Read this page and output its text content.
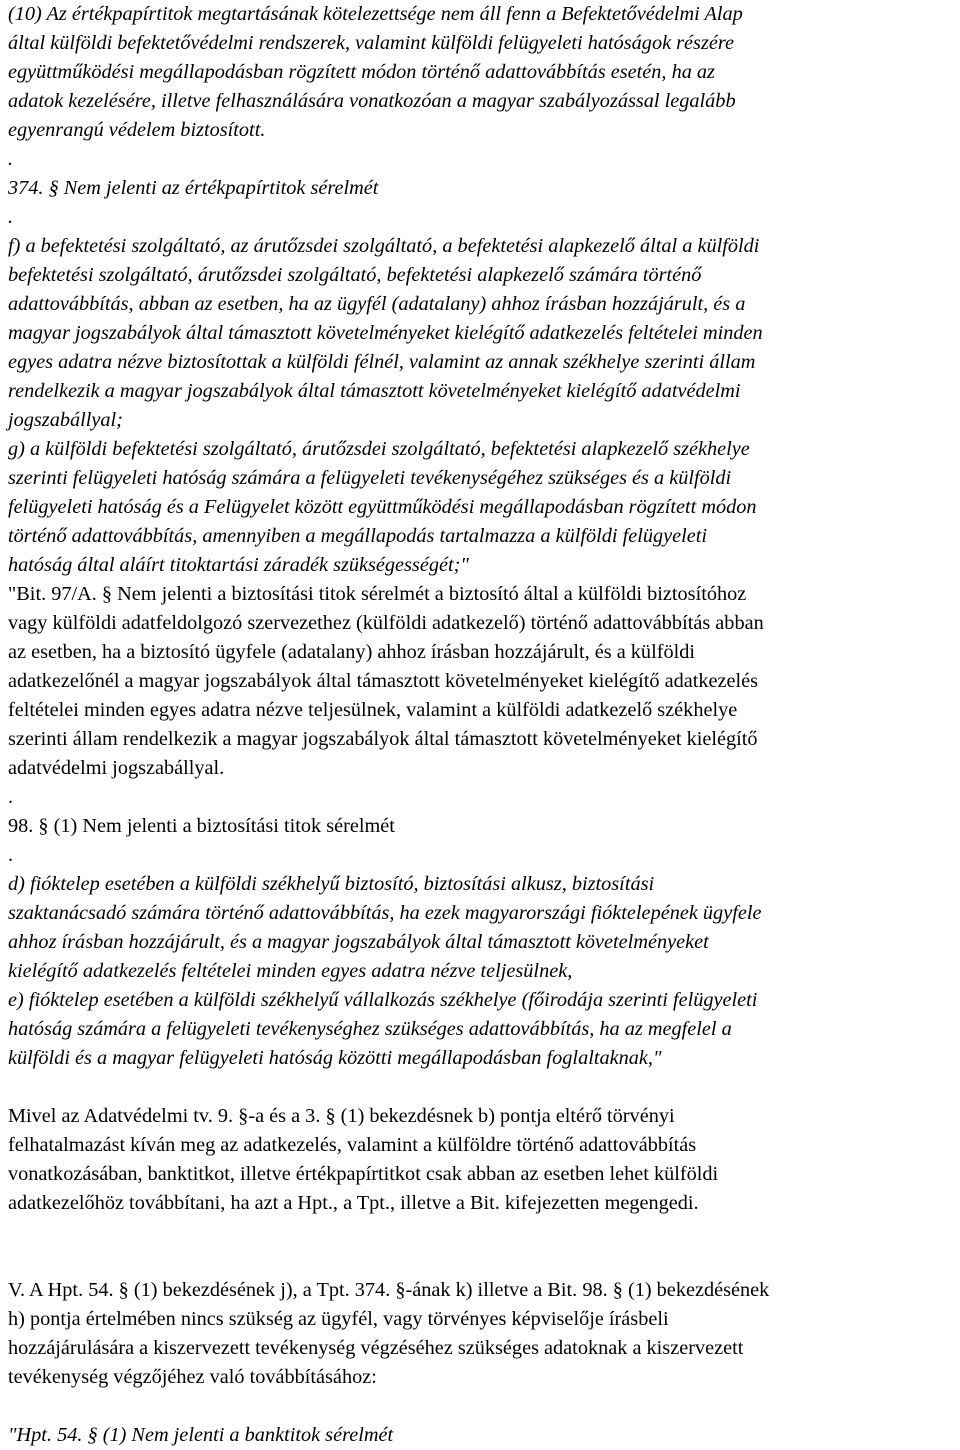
(10) Az értékpapírtitok megtartásának kötelezettsége nem áll fenn a Befektetővédelmi Alap
által külföldi befektetővédelmi rendszerek, valamint külföldi felügyeleti hatóságok részére
együttműködési megállapodásban rögzített módon történő adattovábbítás esetén, ha az
adatok kezelésére, illetve felhasználására vonatkozóan a magyar szabályozással legalább
egyenrangú védelem biztosított.
.
374. § Nem jelenti az értékpapírtitok sérelmét
.
f) a befektetési szolgáltató, az árutőzsdei szolgáltató, a befektetési alapkezelő által a külföldi
befektetési szolgáltató, árutőzsdei szolgáltató, befektetési alapkezelő számára történő
adattovábbítás, abban az esetben, ha az ügyfél (adatalany) ahhoz írásban hozzájárult, és a
magyar jogszabályok által támasztott követelményeket kielégítő adatkezelés feltételei minden
egyes adatra nézve biztosítottak a külföldi félnél, valamint az annak székhelye szerinti állam
rendelkezik a magyar jogszabályok által támasztott követelményeket kielégítő adatvédelmi
jogszabállyal;
g) a külföldi befektetési szolgáltató, árutőzsdei szolgáltató, befektetési alapkezelő székhelye
szerinti felügyeleti hatóság számára a felügyeleti tevékenységéhez szükséges és a külföldi
felügyeleti hatóság és a Felügyelet között együttműködési megállapodásban rögzített módon
történő adattovábbítás, amennyiben a megállapodás tartalmazza a külföldi felügyeleti
hatóság által aláírt titoktartási záradék szükségességét;"

"Bit. 97/A. § Nem jelenti a biztosítási titok sérelmét a biztosító által a külföldi biztosítóhoz
vagy külföldi adatfeldolgozó szervezethez (külföldi adatkezelő) történő adattovábbítás abban
az esetben, ha a biztosító ügyfele (adatalany) ahhoz írásban hozzájárult, és a külföldi
adatkezelőnél a magyar jogszabályok által támasztott követelményeket kielégítő adatkezelés
feltételei minden egyes adatra nézve teljesülnek, valamint a külföldi adatkezelő székhelye
szerinti állam rendelkezik a magyar jogszabályok által támasztott követelményeket kielégítő
adatvédelmi jogszabállyal.
.
98. § (1) Nem jelenti a biztosítási titok sérelmét
.

d) fióktelep esetében a külföldi székhelyű biztosító, biztosítási alkusz, biztosítási
szaktanácsadó számára történő adattovábbítás, ha ezek magyarországi fióktelepének ügyfele
ahhoz írásban hozzájárult, és a magyar jogszabályok által támasztott követelményeket
kielégítő adatkezelés feltételei minden egyes adatra nézve teljesülnek,
e) fióktelep esetében a külföldi székhelyű vállalkozás székhelye (főirodája szerinti felügyeleti
hatóság számára a felügyeleti tevékenységhez szükséges adattovábbítás, ha az megfelel a
külföldi és a magyar felügyeleti hatóság közötti megállapodásban foglaltaknak,"

Mivel az Adatvédelmi tv. 9. §-a és a 3. § (1) bekezdésnek b) pontja eltérő törvényi
felhatalmazást kíván meg az adatkezelés, valamint a külföldre történő adattovábbítás
vonatkozásában, banktitkot, illetve értékpapírtitkot csak abban az esetben lehet külföldi
adatkezelőhöz továbbítani, ha azt a Hpt., a Tpt., illetve a Bit. kifejezetten megengedi.

V. A Hpt. 54. § (1) bekezdésének j), a Tpt. 374. §-ának k) illetve a Bit. 98. § (1) bekezdésének
h) pontja értelmében nincs szükség az ügyfél, vagy törvényes képviselője írásbeli
hozzájárulására a kiszervezett tevékenység végzéséhez szükséges adatoknak a kiszervezett
tevékenység végzőjéhez való továbbításához:

"Hpt. 54. § (1) Nem jelenti a banktitok sérelmét
